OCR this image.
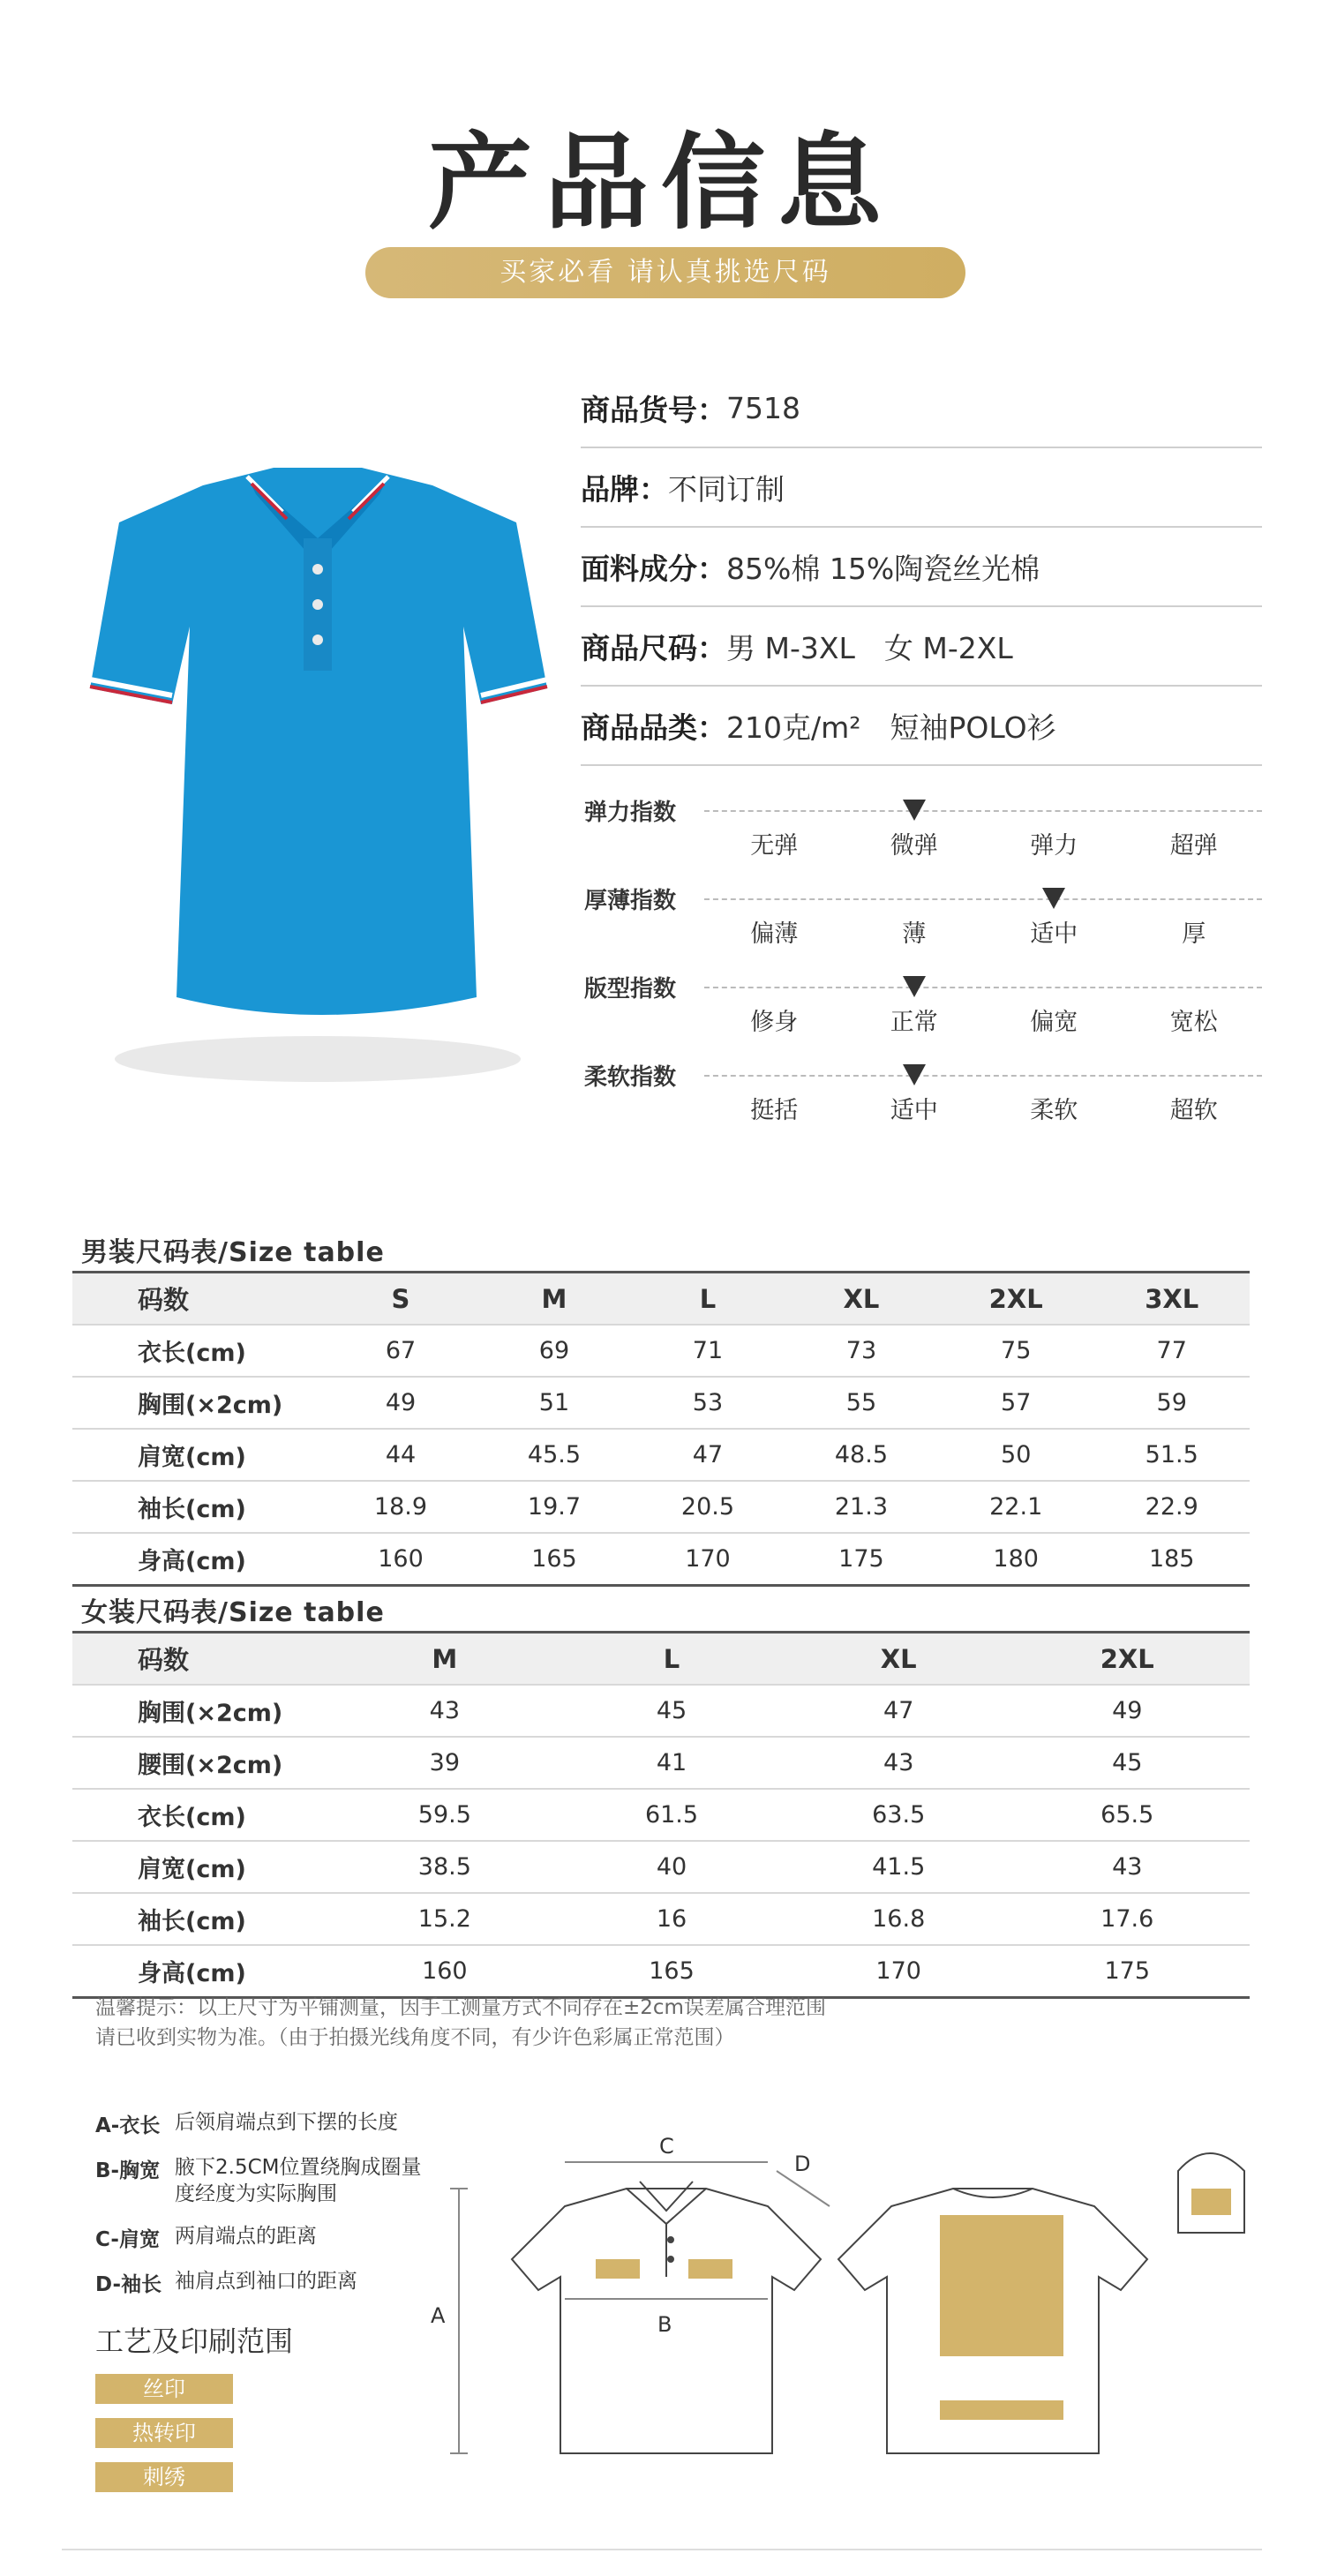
产品信息
买家必看 请认真挑选尺码
商品货号： 7518
品牌： 不同订制
面料成分： 85%棉 15%陶瓷丝光棉
商品尺码： 男 M-3XL　女 M-2XL
商品品类： 210克/m²　短袖POLO衫
弹力指数
无弹	微弹	弹力	超弹
厚薄指数
偏薄	薄	适中	厚
版型指数
修身	正常	偏宽	宽松
柔软指数
挺括	适中	柔软	超软
男装尺码表/Size table
码数	S	M	L	XL	2XL	3XL
衣长(cm)	67	69	71	73	75	77
胸围(×2cm)	49	51	53	55	57	59
肩宽(cm)	44	45.5	47	48.5	50	51.5
袖长(cm)	18.9	19.7	20.5	21.3	22.1	22.9
身高(cm)	160	165	170	175	180	185
女装尺码表/Size table
码数		M	L	XL	2XL	
胸围(×2cm)		43	45	47	49	
腰围(×2cm)		39	41	43	45	
衣长(cm)		59.5	61.5	63.5	65.5	
肩宽(cm)		38.5	40	41.5	43	
袖长(cm)		15.2	16	16.8	17.6	
身高(cm)		160	165	170	175	
温馨提示：以上尺寸为平铺测量，因手工测量方式不同存在±2cm误差属合理范围
请已收到实物为准。（由于拍摄光线角度不同，有少许色彩属正常范围）
A-衣长 后领肩端点到下摆的长度
B-胸宽 腋下2.5CM位置绕胸成圈量度经度为实际胸围
C-肩宽 两肩端点的距离
D-袖长 袖肩点到袖口的距离
工艺及印刷范围
丝印
热转印
刺绣
A	B
C
D
